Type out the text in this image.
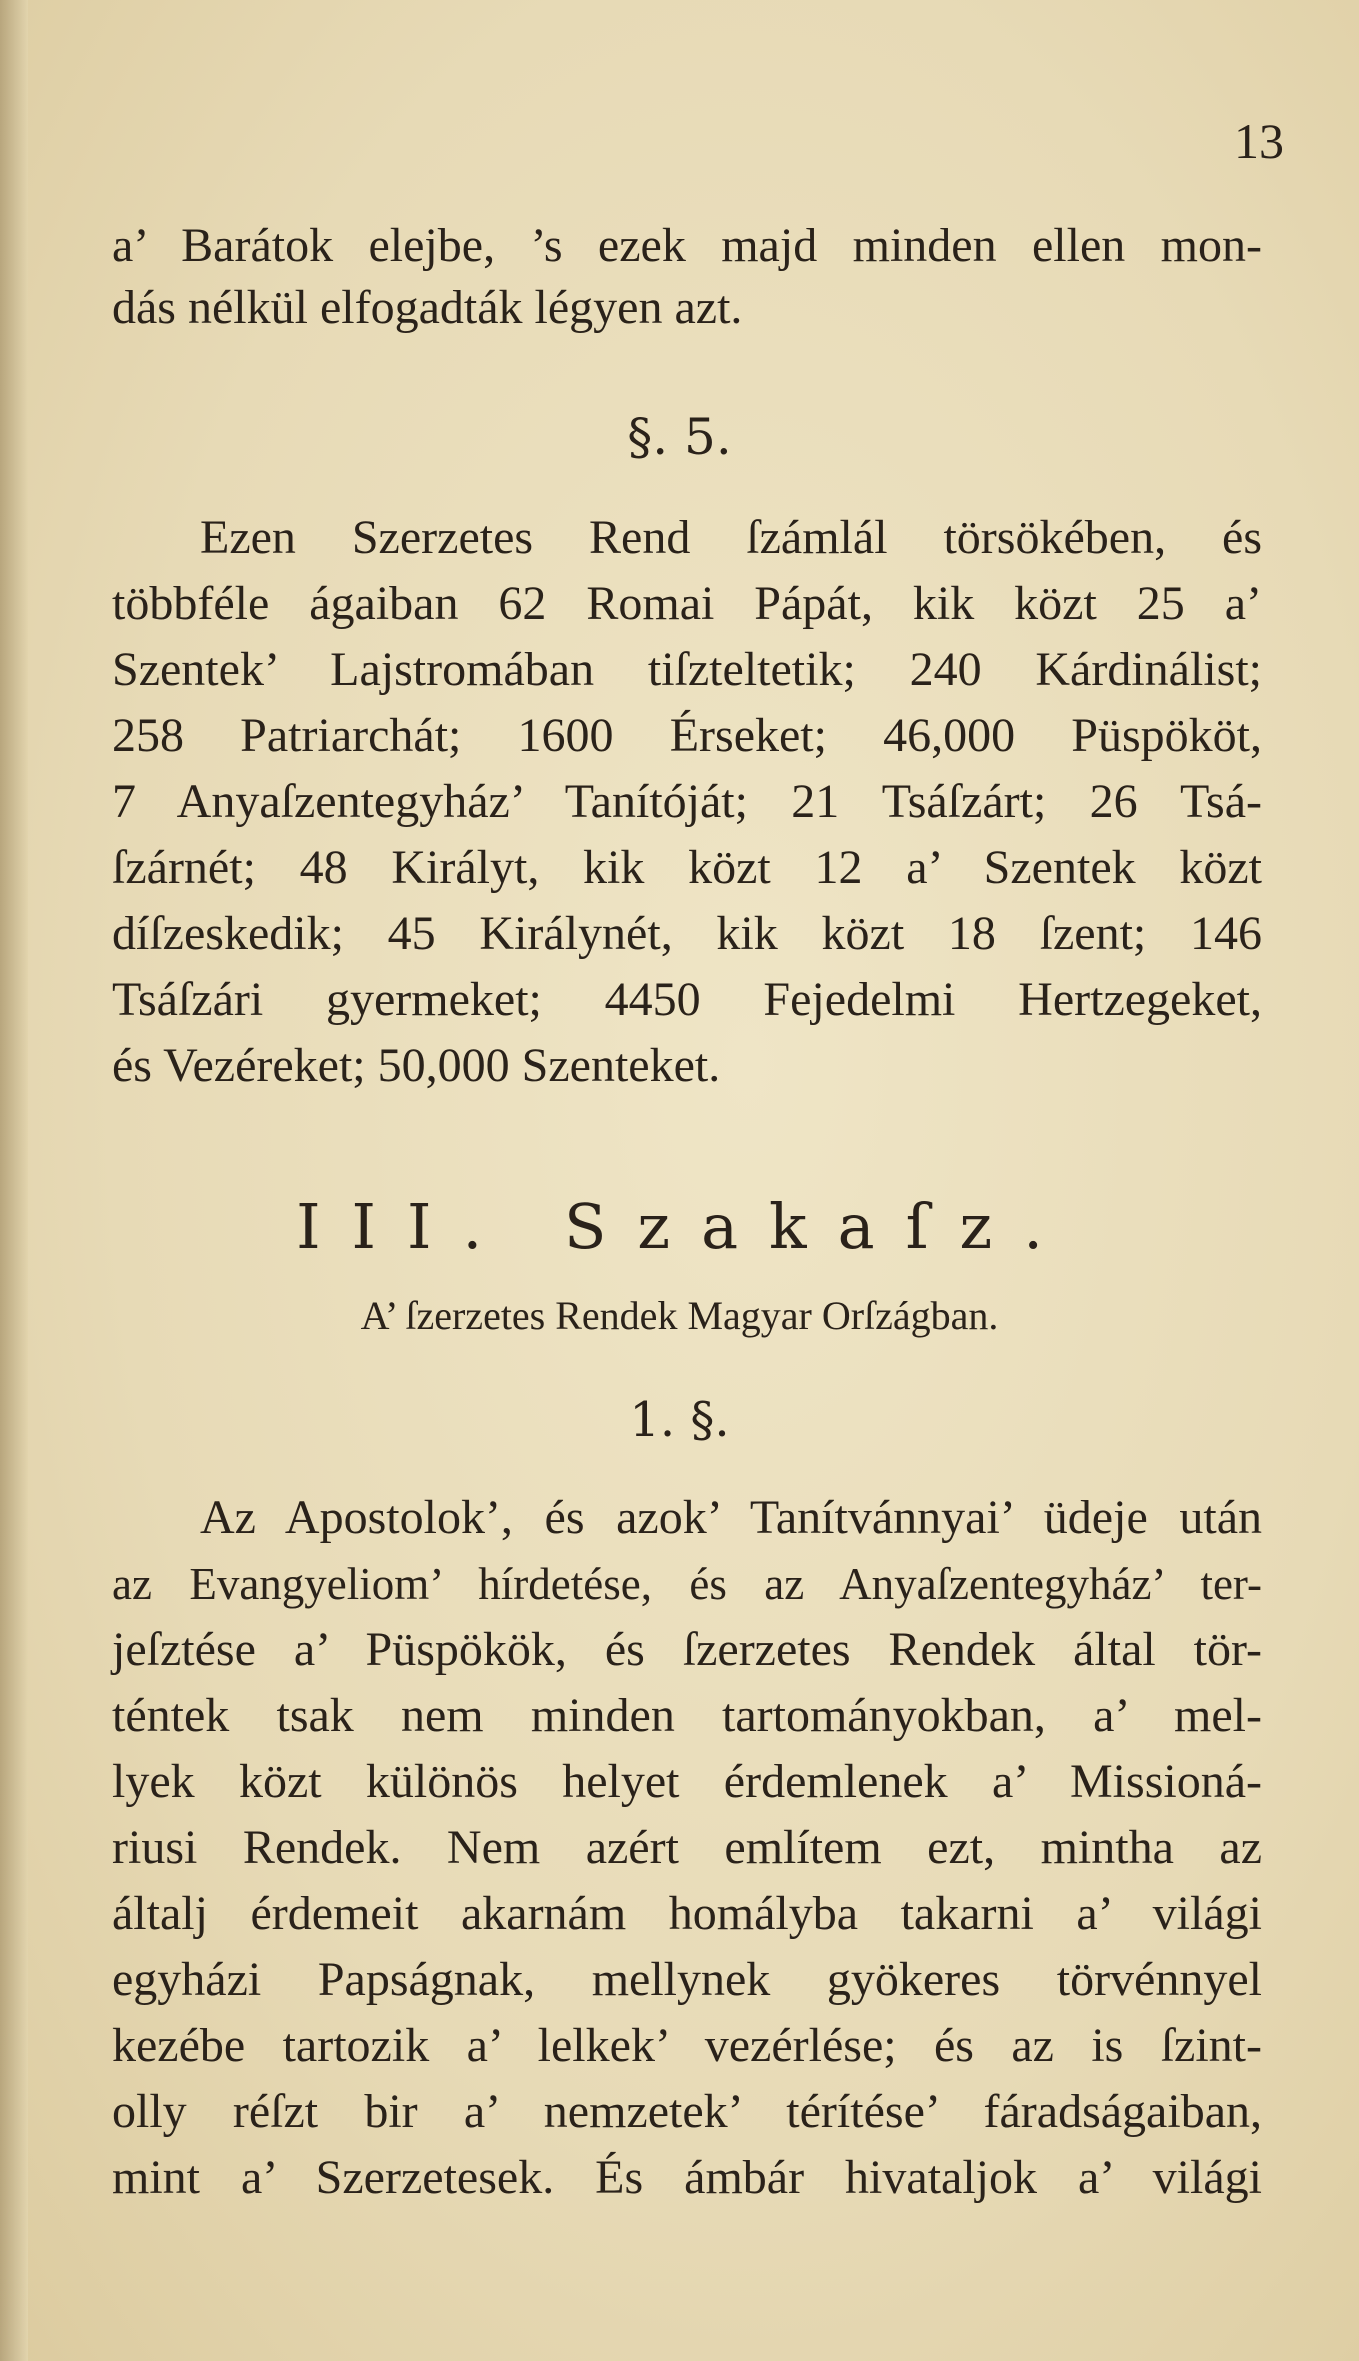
13
a’ Barátok elejbe, ’s ezek majd minden ellen mon-
dás nélkül elfogadták légyen azt.
§. 5.
Ezen Szerzetes Rend ſzámlál törsökében, és
többféle ágaiban 62 Romai Pápát, kik közt 25 a’
Szentek’ Lajstromában tiſzteltetik; 240 Kárdinálist;
258 Patriarchát; 1600 Érseket; 46,000 Püspököt,
7 Anyaſzentegyház’ Tanítóját; 21 Tsáſzárt; 26 Tsá-
ſzárnét; 48 Királyt, kik közt 12 a’ Szentek közt
díſzeskedik; 45 Királynét, kik közt 18 ſzent; 146
Tsáſzári gyermeket; 4450 Fejedelmi Hertzegeket,
és Vezéreket; 50,000 Szenteket.
III. Szakaſz.
A’ ſzerzetes Rendek Magyar Orſzágban.
1. §.
Az Apostolok’, és azok’ Tanítvánnyai’ üdeje után
az Evangyeliom’ hírdetése, és az Anyaſzentegyház’ ter-
jeſztése a’ Püspökök, és ſzerzetes Rendek által tör-
téntek tsak nem minden tartományokban, a’ mel-
lyek közt különös helyet érdemlenek a’ Missioná-
riusi Rendek. Nem azért említem ezt, mintha az
általj érdemeit akarnám homályba takarni a’ világi
egyházi Papságnak, mellynek gyökeres törvénnyel
kezébe tartozik a’ lelkek’ vezérlése; és az is ſzint-
olly réſzt bir a’ nemzetek’ térítése’ fáradságaiban,
mint a’ Szerzetesek. És ámbár hivataljok a’ világi
